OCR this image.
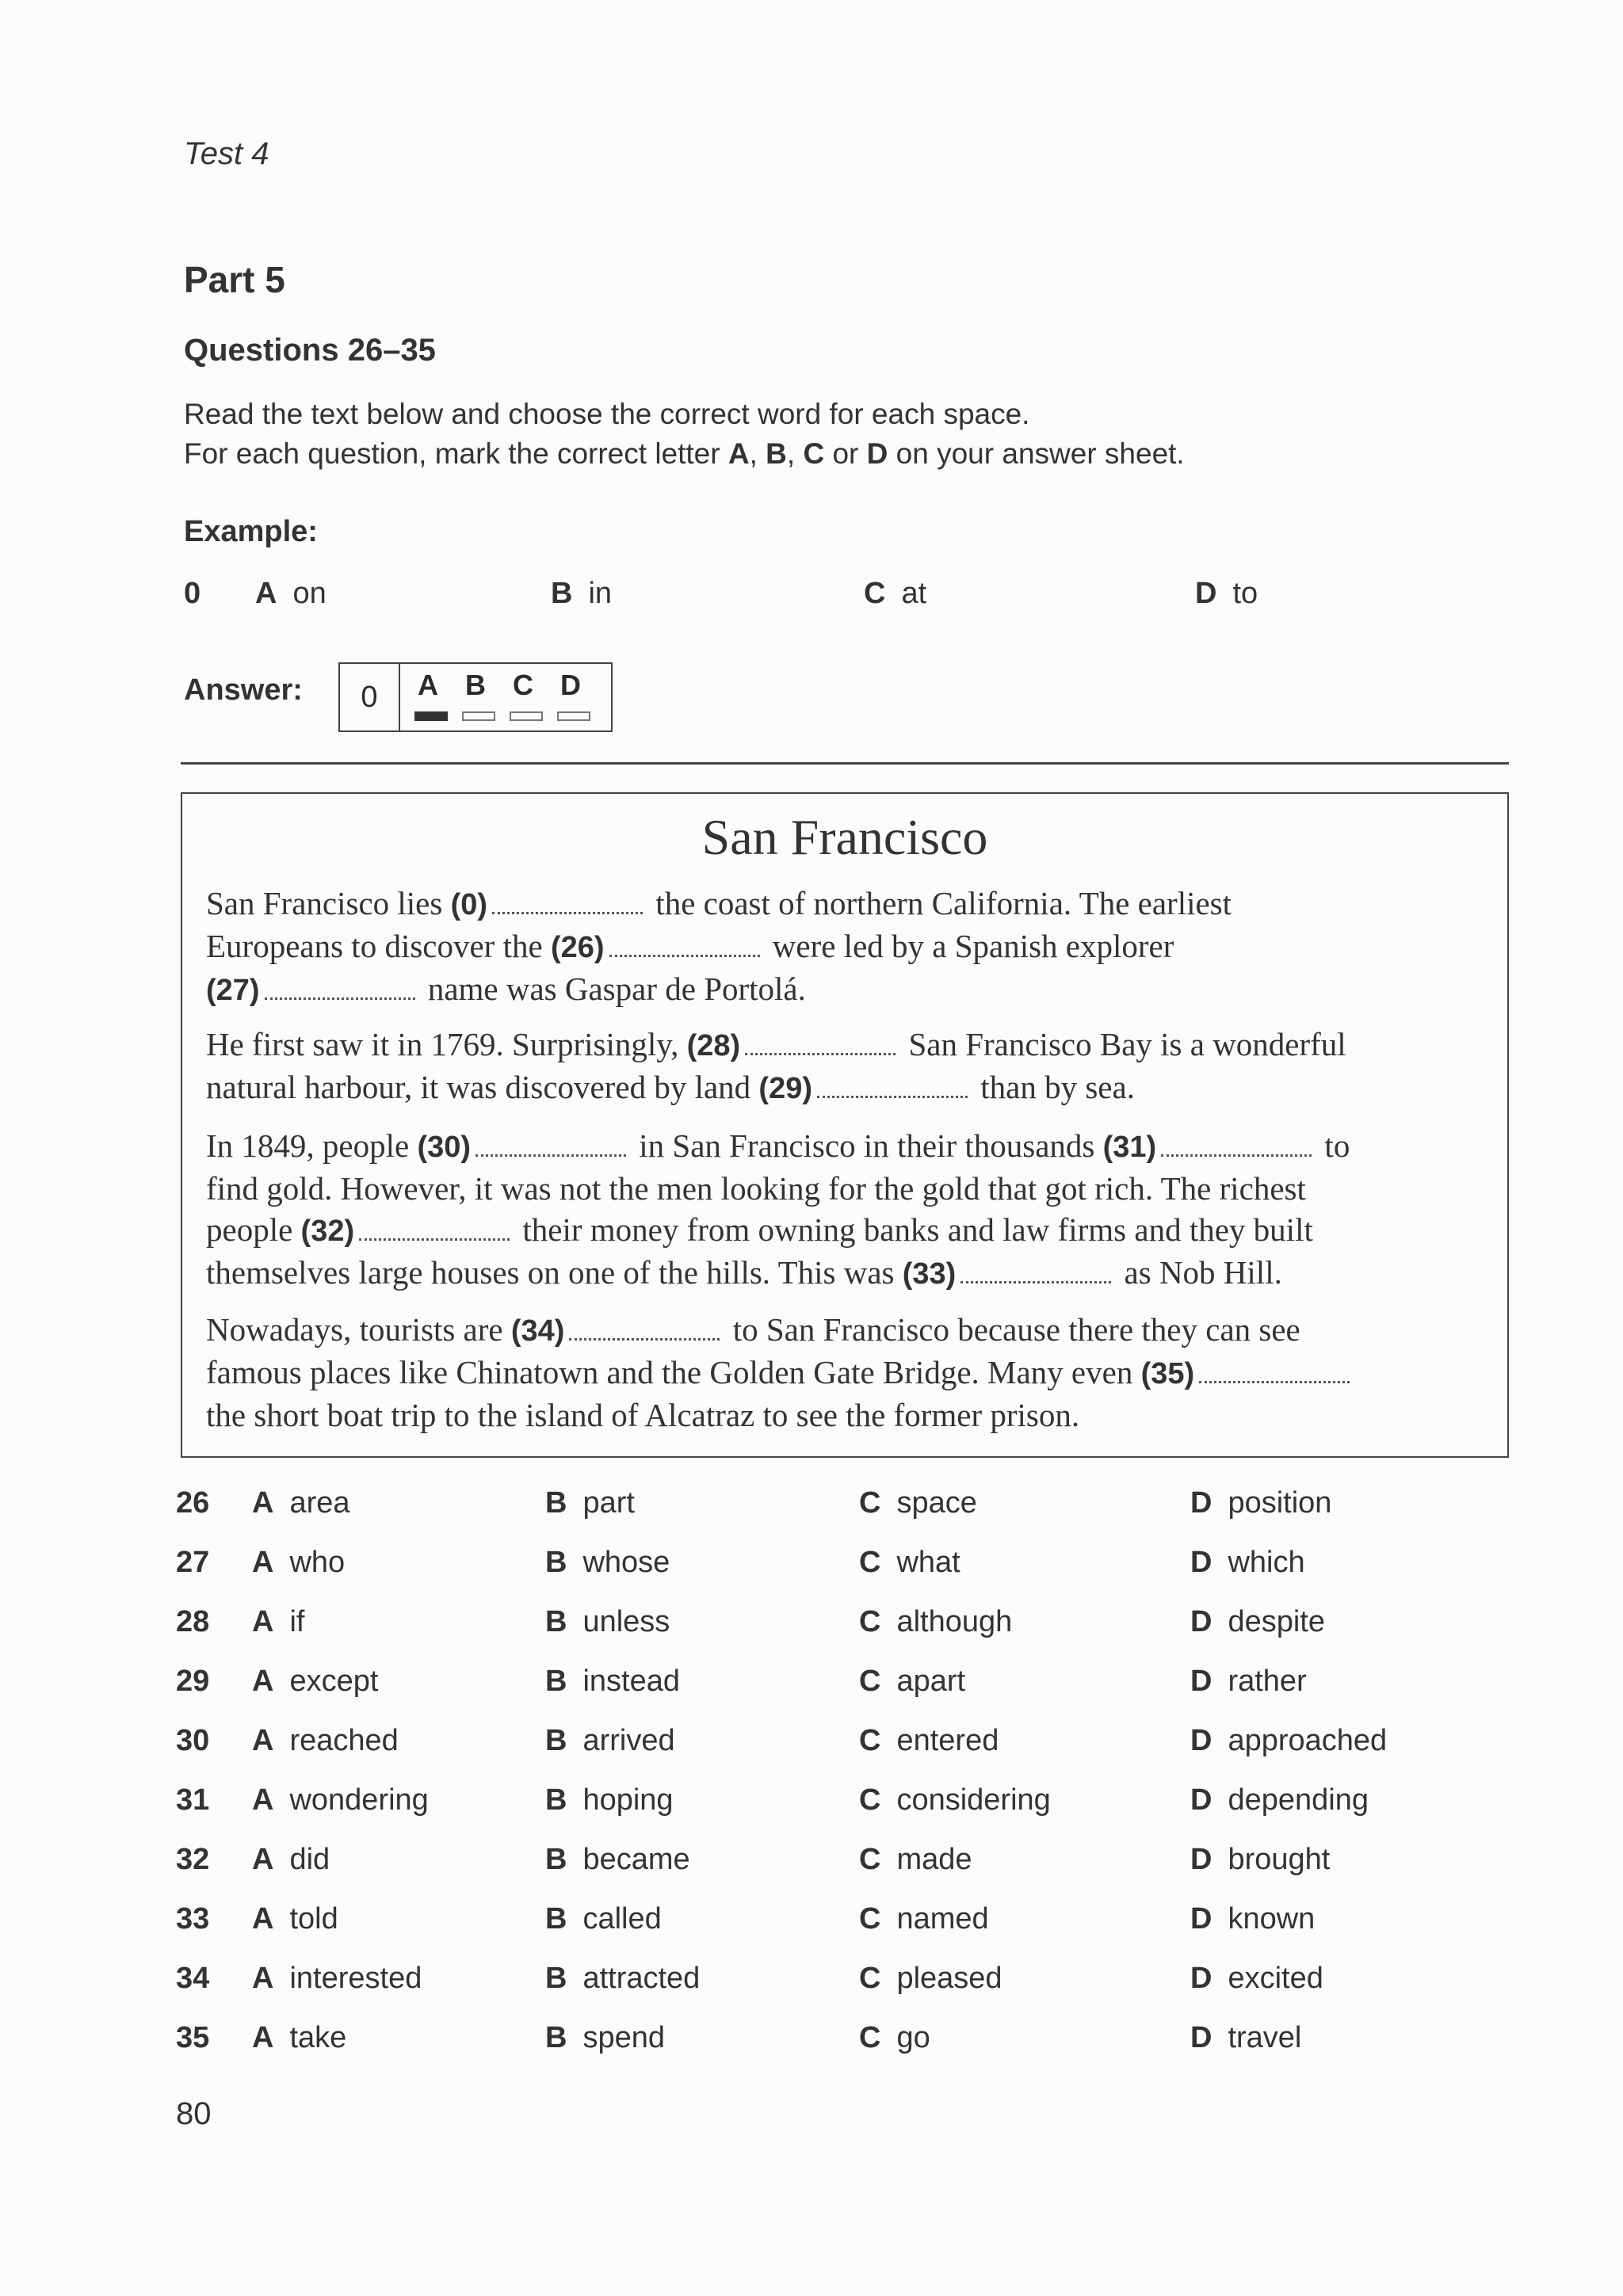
Test 4
Part 5
Questions 26–35
Read the text below and choose the correct word for each space.
For each question, mark the correct letter A, B, C or D on your answer sheet.
Example:
0 A on	B in	C at	D to
Answer:	0	A B C D
San Francisco
San Francisco lies (0)	the coast of northern California. The earliest
Europeans to discover the (26)	were led by a Spanish explorer
(27)	name was Gaspar de Portolá.
He first saw it in 1769. Surprisingly, (28)	San Francisco Bay is a wonderful
natural harbour, it was discovered by land (29)	than by sea.
In 1849, people (30)	in San Francisco in their thousands (31)	to
find gold. However, it was not the men looking for the gold that got rich. The richest
people (32)	their money from owning banks and law firms and they built
themselves large houses on one of the hills. This was (33)	as Nob Hill.
Nowadays, tourists are (34)	to San Francisco because there they can see
famous places like Chinatown and the Golden Gate Bridge. Many even (35)
the short boat trip to the island of Alcatraz to see the former prison.
26 A area	B part	C space	D position
27 A who	B whose	C what	D which
28 A if	B unless	C although	D despite
29 A except	B instead	C apart	D rather
30 A reached	B arrived	C entered	D approached
31 A wondering	B hoping	C considering	D depending
32 A did	B became	C made	D brought
33 A told	B called	C named	D known
34 A interested	B attracted	C pleased	D excited
35 A take	B spend	C go	D travel
80
